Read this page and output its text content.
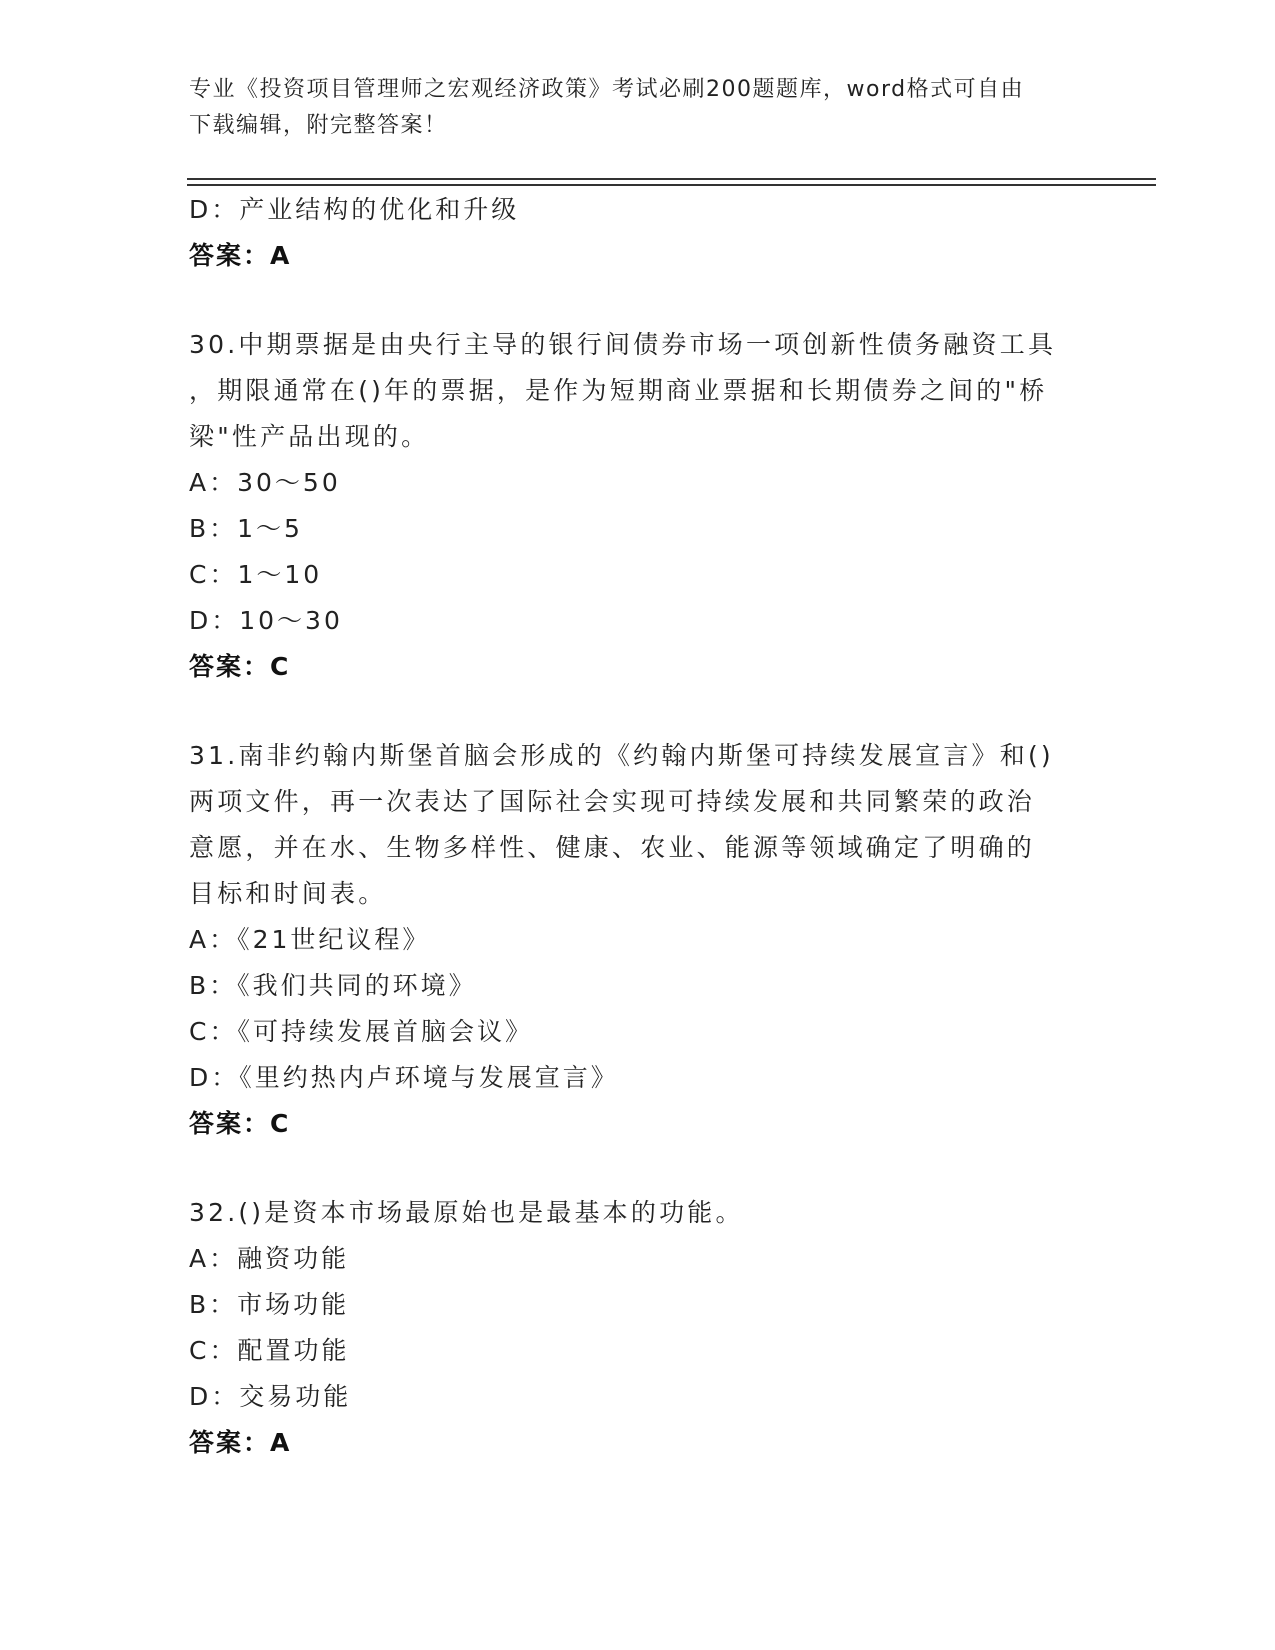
专业《投资项目管理师之宏观经济政策》考试必刷200题题库，word格式可自由
下载编辑，附完整答案！
D：产业结构的优化和升级
答案：A
30.中期票据是由央行主导的银行间债券市场一项创新性债务融资工具
，期限通常在()年的票据，是作为短期商业票据和长期债券之间的"桥
梁"性产品出现的。
A：30～50
B：1～5
C：1～10
D：10～30
答案：C
31.南非约翰内斯堡首脑会形成的《约翰内斯堡可持续发展宣言》和()
两项文件，再一次表达了国际社会实现可持续发展和共同繁荣的政治
意愿，并在水、生物多样性、健康、农业、能源等领域确定了明确的
目标和时间表。
A：《21世纪议程》
B：《我们共同的环境》
C：《可持续发展首脑会议》
D：《里约热内卢环境与发展宣言》
答案：C
32.()是资本市场最原始也是最基本的功能。
A：融资功能
B：市场功能
C：配置功能
D：交易功能
答案：A
